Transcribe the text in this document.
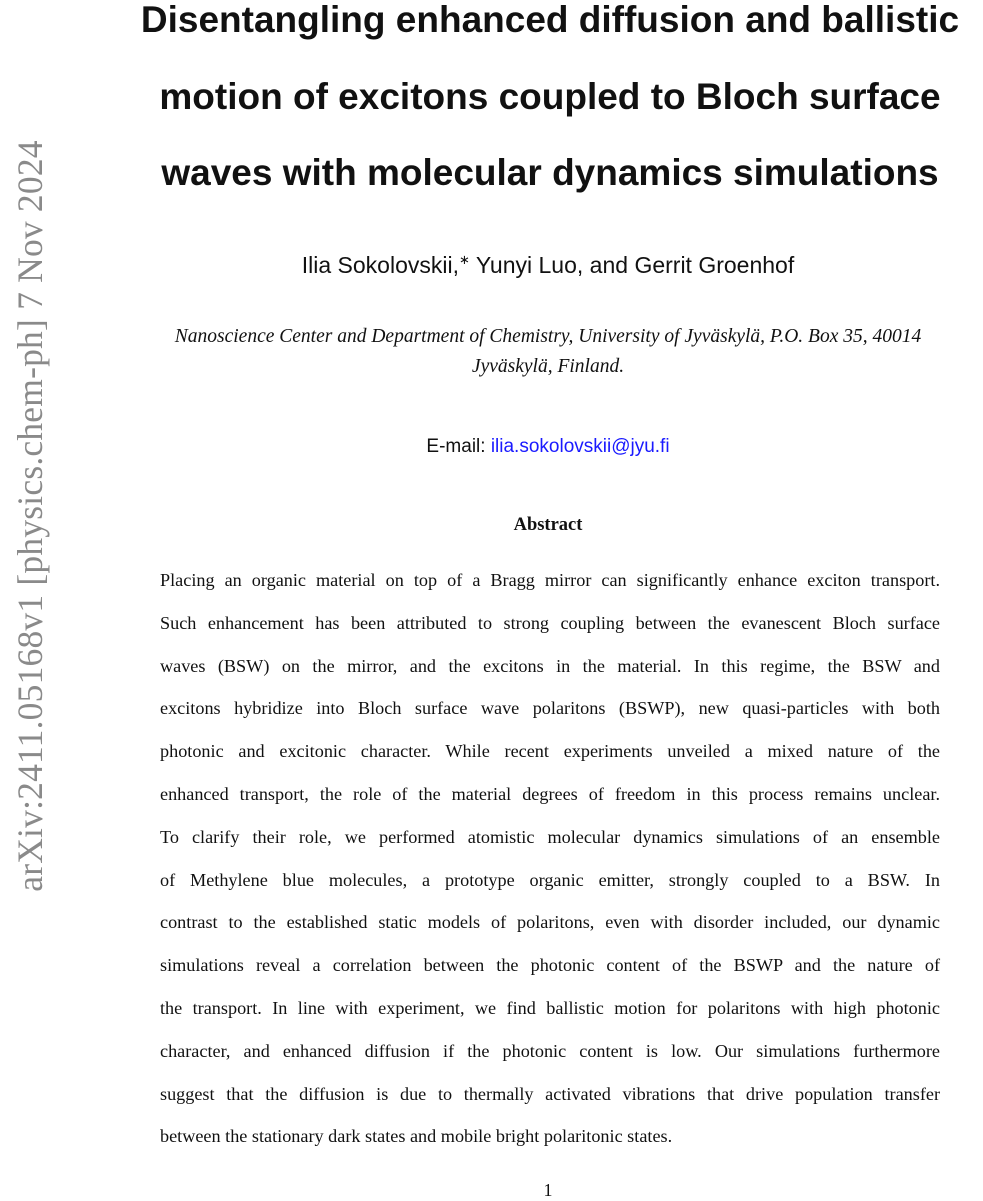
arXiv:2411.05168v1 [physics.chem-ph] 7 Nov 2024
Disentangling enhanced diffusion and ballistic
motion of excitons coupled to Bloch surface
waves with molecular dynamics simulations
Ilia Sokolovskii,∗ Yunyi Luo, and Gerrit Groenhof
Nanoscience Center and Department of Chemistry, University of Jyväskylä, P.O. Box 35, 40014
Jyväskylä, Finland.
E-mail: ilia.sokolovskii@jyu.fi
Abstract
Placing an organic material on top of a Bragg mirror can significantly enhance exciton transport.
Such enhancement has been attributed to strong coupling between the evanescent Bloch surface
waves (BSW) on the mirror, and the excitons in the material. In this regime, the BSW and
excitons hybridize into Bloch surface wave polaritons (BSWP), new quasi-particles with both
photonic and excitonic character. While recent experiments unveiled a mixed nature of the
enhanced transport, the role of the material degrees of freedom in this process remains unclear.
To clarify their role, we performed atomistic molecular dynamics simulations of an ensemble
of Methylene blue molecules, a prototype organic emitter, strongly coupled to a BSW. In
contrast to the established static models of polaritons, even with disorder included, our dynamic
simulations reveal a correlation between the photonic content of the BSWP and the nature of
the transport. In line with experiment, we find ballistic motion for polaritons with high photonic
character, and enhanced diffusion if the photonic content is low. Our simulations furthermore
suggest that the diffusion is due to thermally activated vibrations that drive population transfer
between the stationary dark states and mobile bright polaritonic states.
1
